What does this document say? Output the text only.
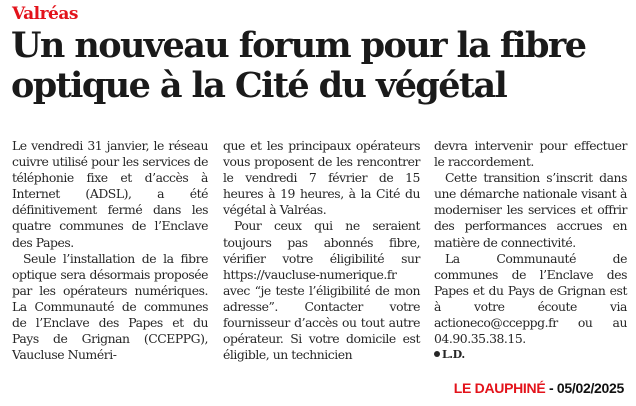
Valréas
Un nouveau forum pour la fibre optique à la Cité du végétal

Le vendredi 31 janvier, le réseau cuivre utilisé pour les services de téléphonie fixe et d’accès à Internet (ADSL), a été définitivement fermé dans les quatre communes de l’Enclave des Papes.

Seule l’installation de la fibre optique sera désormais proposée par les opérateurs numériques. La Communauté de communes de l’Enclave des Papes et du Pays de Grignan (CCEPPG), Vaucluse Numéri-

que et les principaux opérateurs vous proposent de les rencontrer le vendredi 7 février de 15 heures à 19 heures, à la Cité du végétal à Valréas.

Pour ceux qui ne seraient toujours pas abonnés fibre, vérifier votre éligibilité sur https://vaucluse-numerique.fr avec “je teste l’éligibilité de mon adresse”. Contacter votre fournisseur d’accès ou tout autre opérateur. Si votre domicile est éligible, un technicien

devra intervenir pour effectuer le raccordement.

Cette transition s’inscrit dans une démarche nationale visant à moderniser les services et offrir des performances accrues en matière de connectivité.

La Communauté de communes de l’Enclave des Papes et du Pays de Grignan est à votre écoute via actioneco@cceppg.fr ou au 04.90.35.38.15.

L.D.

LE DAUPHINÉ - 05/02/2025
